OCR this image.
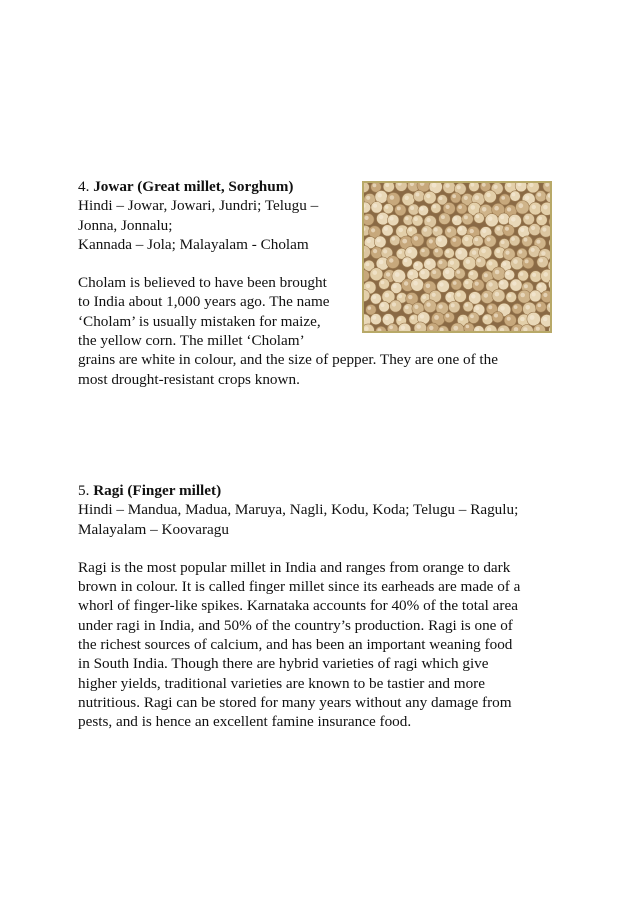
4. Jowar (Great millet, Sorghum)

Hindi – Jowar, Jowari, Jundri; Telugu –

Jonna, Jonnalu;

Kannada – Jola; Malayalam - Cholam

Cholam is believed to have been brought

to India about 1,000 years ago. The name

‘Cholam’ is usually mistaken for maize,

the yellow corn. The millet ‘Cholam’

grains are white in colour, and the size of pepper. They are one of the

most drought-resistant crops known.

5. Ragi (Finger millet)

Hindi – Mandua, Madua, Maruya, Nagli, Kodu, Koda; Telugu – Ragulu;

Malayalam – Koovaragu

Ragi is the most popular millet in India and ranges from orange to dark

brown in colour. It is called finger millet since its earheads are made of a

whorl of finger-like spikes. Karnataka accounts for 40% of the total area

under ragi in India, and 50% of the country’s production. Ragi is one of

the richest sources of calcium, and has been an important weaning food

in South India. Though there are hybrid varieties of ragi which give

higher yields, traditional varieties are known to be tastier and more

nutritious. Ragi can be stored for many years without any damage from

pests, and is hence an excellent famine insurance food.
